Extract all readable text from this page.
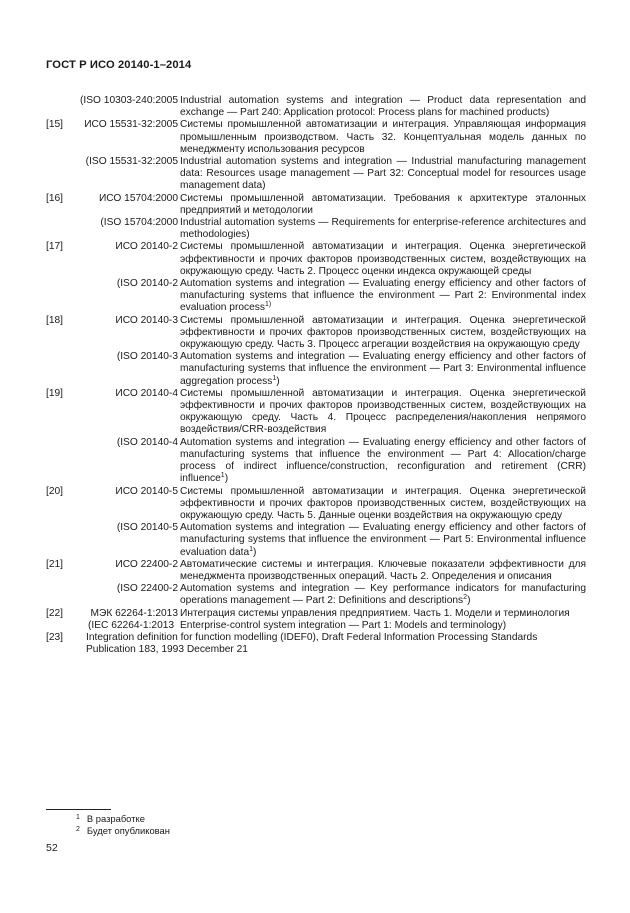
ГОСТ Р ИСО 20140-1–2014
(ISO 10303-240:2005 Industrial automation systems and integration — Product data representation and exchange — Part 240: Application protocol: Process plans for machined products)
[15]	ИСО 15531-32:2005 Системы промышленной автоматизации и интеграция. Управляющая информация промышленным производством. Часть 32. Концептуальная модель данных по менеджменту использования ресурсов
(ISO 15531-32:2005 Industrial automation systems and integration — Industrial manufacturing management data: Resources usage management — Part 32: Conceptual model for resources usage management data)
[16]	ИСО 15704:2000 Системы промышленной автоматизации. Требования к архитектуре эталонных предприятий и методологии
(ISO 15704:2000 Industrial automation systems — Requirements for enterprise-reference architectures and methodologies)
[17]	ИСО 20140-2 Системы промышленной автоматизации и интеграция. Оценка энергетической эффективности и прочих факторов производственных систем, воздействующих на окружающую среду. Часть 2. Процесс оценки индекса окружающей среды
(ISO 20140-2 Automation systems and integration — Evaluating energy efficiency and other factors of manufacturing systems that influence the environment — Part 2: Environmental index evaluation process$^{1)}$
[18]	ИСО 20140-3 Системы промышленной автоматизации и интеграция. Оценка энергетической эффективности и прочих факторов производственных систем, воздействующих на окружающую среду. Часть 3. Процесс агрегации воздействия на окружающую среду
(ISO 20140-3 Automation systems and integration — Evaluating energy efficiency and other factors of manufacturing systems that influence the environment — Part 3: Environmental influence aggregation process$^1$)
[19]	ИСО 20140-4 Системы промышленной автоматизации и интеграция. Оценка энергетической эффективности и прочих факторов производственных систем, воздействующих на окружающую среду. Часть 4. Процесс распределения/накопления непрямого воздействия/CRR-воздействия
(ISO 20140-4 Automation systems and integration — Evaluating energy efficiency and other factors of manufacturing systems that influence the environment — Part 4: Allocation/charge process of indirect influence/construction, reconfiguration and retirement (CRR) influence$^1$)
[20]	ИСО 20140-5 Системы промышленной автоматизации и интеграция. Оценка энергетической эффективности и прочих факторов производственных систем, воздействующих на окружающую среду. Часть 5. Данные оценки воздействия на окружающую среду
(ISO 20140-5 Automation systems and integration — Evaluating energy efficiency and other factors of manufacturing systems that influence the environment — Part 5: Environmental influence evaluation data$^1$)
[21]	ИСО 22400-2 Автоматические системы и интеграция. Ключевые показатели эффективности для менеджмента производственных операций. Часть 2. Определения и описания
(ISO 22400-2 Automation systems and integration — Key performance indicators for manufacturing operations management — Part 2: Definitions and descriptions$^2$)
[22]	МЭК 62264-1:2013 Интеграция системы управления предприятием. Часть 1. Модели и терминология
(IEC 62264-1:2013 Enterprise-control system integration — Part 1: Models and terminology)
[23]	Integration definition for function modelling (IDEF0), Draft Federal Information Processing Standards Publication 183, 1993 December 21
$^1$ В разработке
$^2$ Будет опубликован
52
